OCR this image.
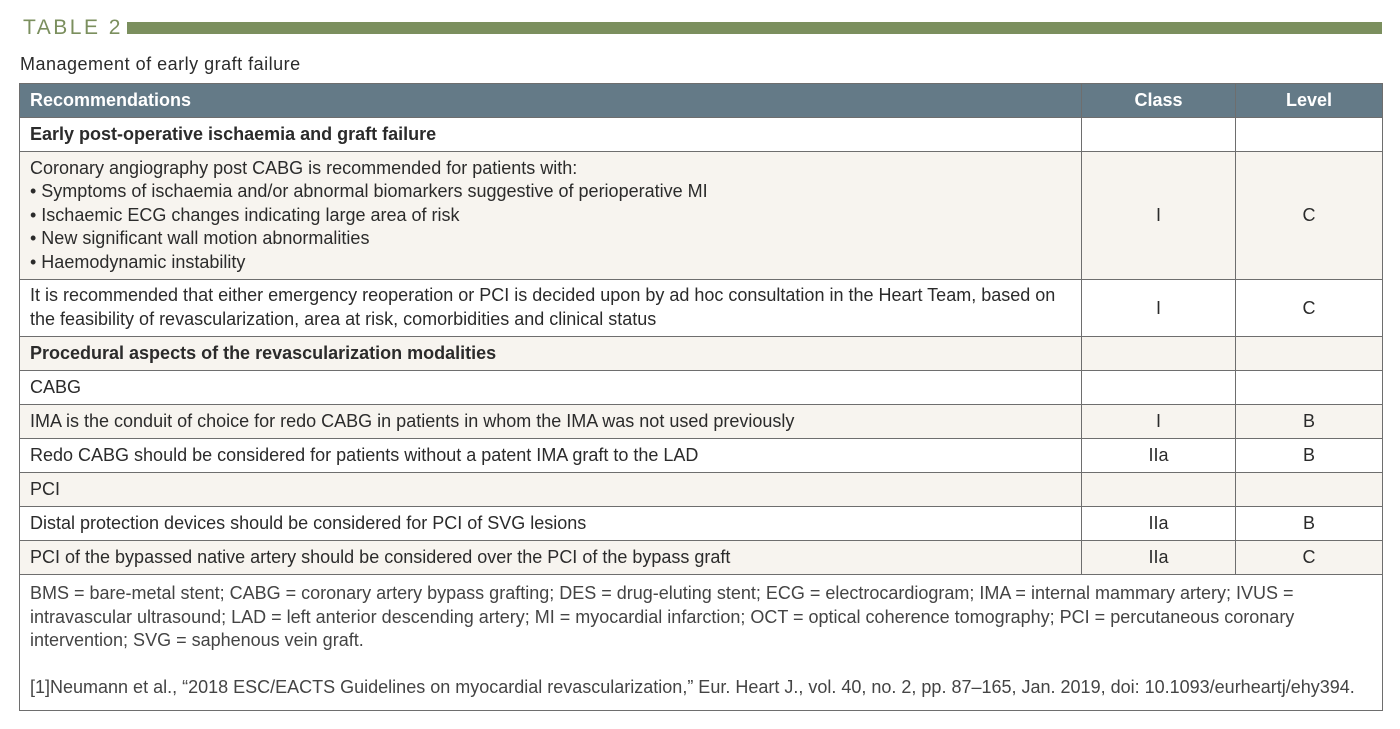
TABLE 2
Management of early graft failure
Recommendations	Class	Level
Early post-operative ischaemia and graft failure		

Coronary angiography post CABG is recommended for patients with:
• Symptoms of ischaemia and/or abnormal biomarkers suggestive of perioperative MI
• Ischaemic ECG changes indicating large area of risk
• New significant wall motion abnormalities
• Haemodynamic instability	I	C

It is recommended that either emergency reoperation or PCI is decided upon by ad hoc consultation in the Heart Team, based on
the feasibility of revascularization, area at risk, comorbidities and clinical status	I	C
Procedural aspects of the revascularization modalities		
CABG		
IMA is the conduit of choice for redo CABG in patients in whom the IMA was not used previously	I	B
Redo CABG should be considered for patients without a patent IMA graft to the LAD	IIa	B
PCI		
Distal protection devices should be considered for PCI of SVG lesions	IIa	B
PCI of the bypassed native artery should be considered over the PCI of the bypass graft	IIa	C

BMS = bare-metal stent; CABG = coronary artery bypass grafting; DES = drug-eluting stent; ECG = electrocardiogram; IMA = internal mammary artery; IVUS =
intravascular ultrasound; LAD = left anterior descending artery; MI = myocardial infarction; OCT = optical coherence tomography; PCI = percutaneous coronary
intervention; SVG = saphenous vein graft.
[1]Neumann et al., “2018 ESC/EACTS Guidelines on myocardial revascularization,” Eur. Heart J., vol. 40, no. 2, pp. 87–165, Jan. 2019, doi: 10.1093/eurheartj/ehy394.		
